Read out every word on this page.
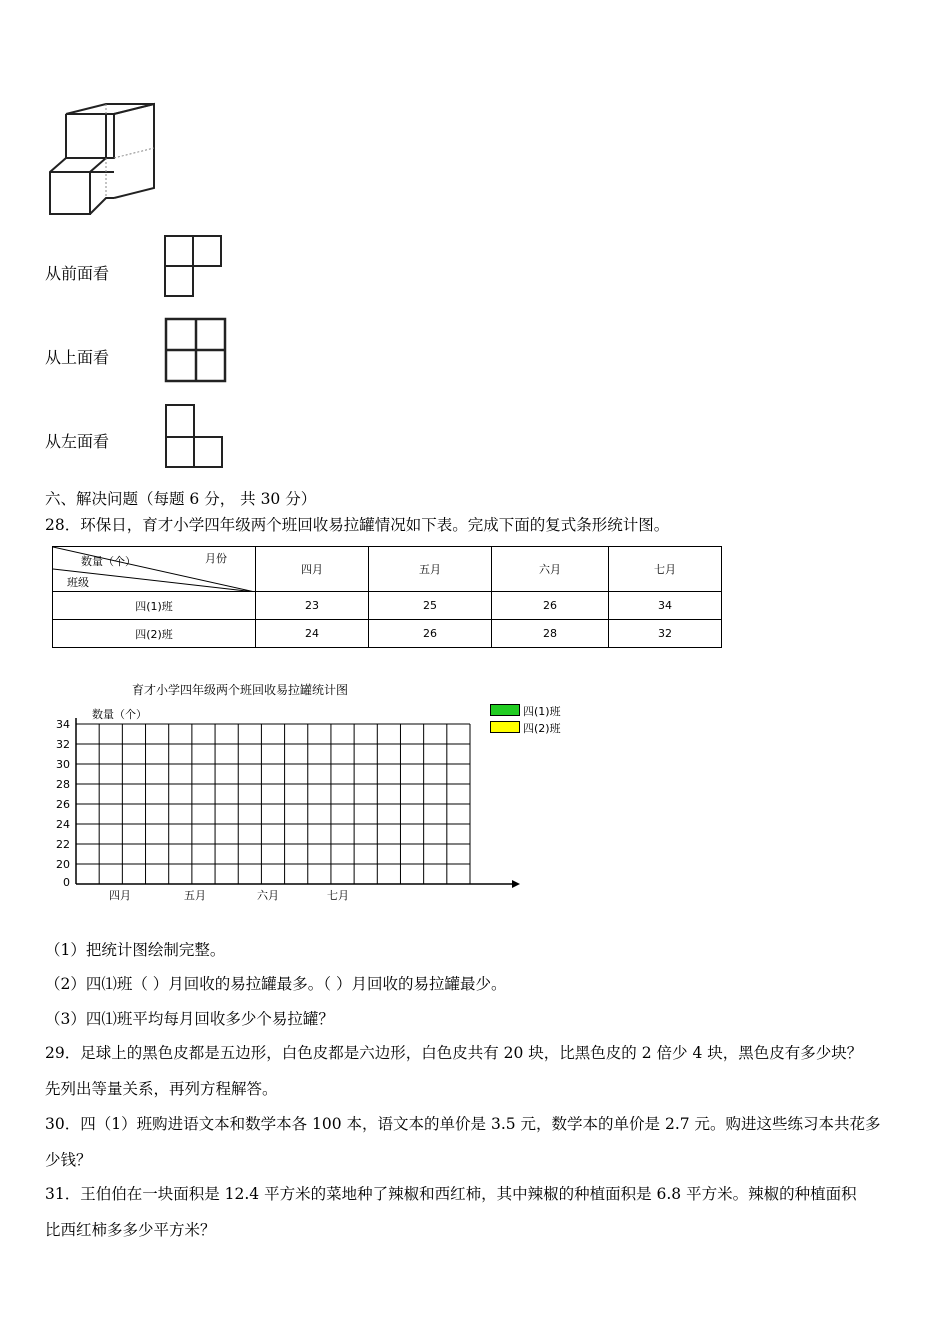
从前面看
从上面看
从左面看
六、解决问题（每题 6 分， 共 30 分）
28．环保日，育才小学四年级两个班回收易拉罐情况如下表。完成下面的复式条形统计图。
数量（个） 月份
班级	四月	五月	六月	七月
四(1)班	23	25	26	34
四(2)班	24	26	28	32
育才小学四年级两个班回收易拉罐统计图
数量（个）
34
32
30
28
26
24
22
20
0
四月	五月	六月	七月
四(1)班
四(2)班
（1）把统计图绘制完整。
（2）四⑴班（ ）月回收的易拉罐最多。（ ）月回收的易拉罐最少。
（3）四⑴班平均每月回收多少个易拉罐？
29．足球上的黑色皮都是五边形，白色皮都是六边形，白色皮共有 20 块，比黑色皮的 2 倍少 4 块，黑色皮有多少块？
先列出等量关系，再列方程解答。
30．四（1）班购进语文本和数学本各 100 本，语文本的单价是 3.5 元，数学本的单价是 2.7 元。购进这些练习本共花多
少钱？
31．王伯伯在一块面积是 12.4 平方米的菜地种了辣椒和西红柿，其中辣椒的种植面积是 6.8 平方米。辣椒的种植面积
比西红柿多多少平方米？
